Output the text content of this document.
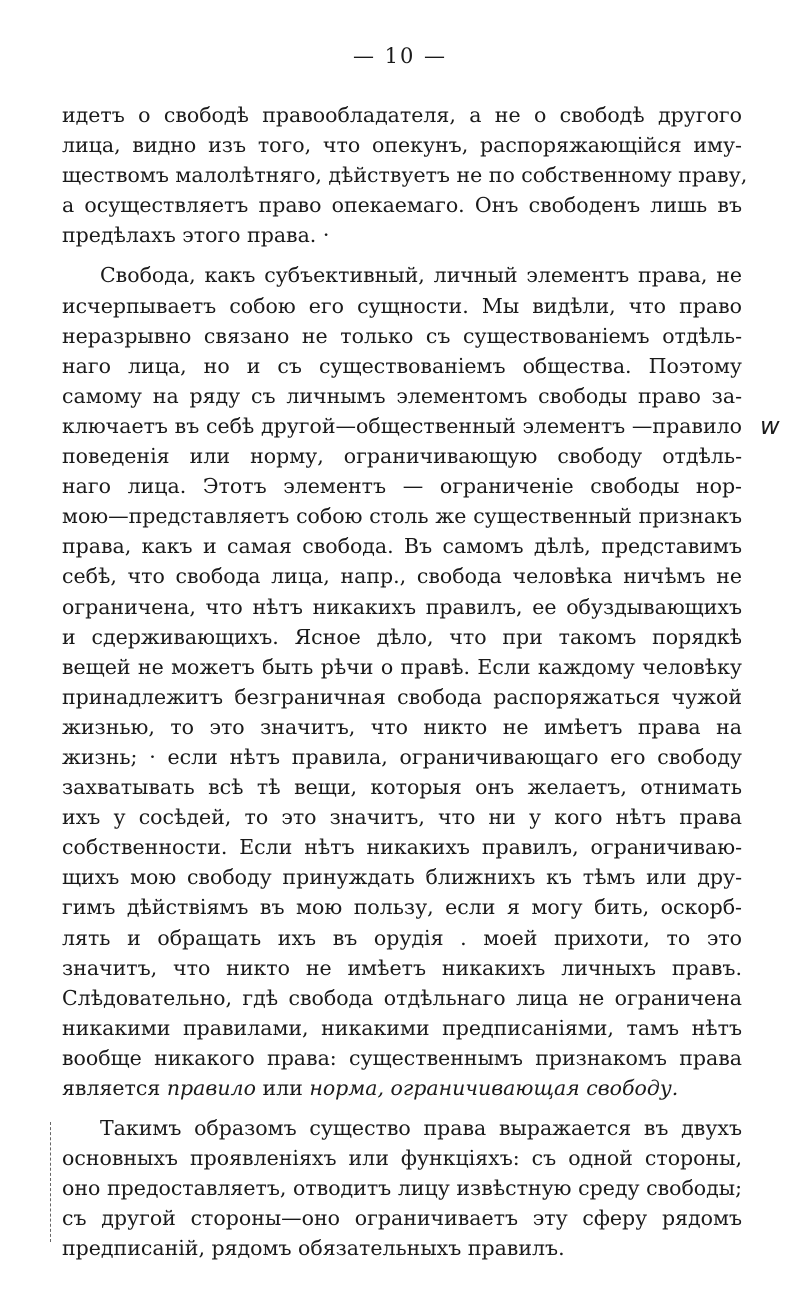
— 10 —

идетъ о свободѣ правообладателя, а не о свободѣ другого
лица, видно изъ того, что опекунъ, распоряжающійся иму-
ществомъ малолѣтняго, дѣйствуетъ не по собственному праву,
а осуществляетъ право опекаемаго. Онъ свободенъ лишь въ
предѣлахъ этого права. ·

Свобода, какъ субъективный, личный элементъ права, не
исчерпываетъ собою его сущности. Мы видѣли, что право
неразрывно связано не только съ существованіемъ отдѣль-
наго лица, но и съ существованіемъ общества. Поэтому
самому на ряду съ личнымъ элементомъ свободы право за-
ключаетъ въ себѣ другой—общественный элементъ —правило
поведенія или норму, ограничивающую свободу отдѣль-
наго лица. Этотъ элементъ — ограниченіе свободы нор-
мою—представляетъ собою столь же существенный признакъ
права, какъ и самая свобода. Въ самомъ дѣлѣ, представимъ
себѣ, что свобода лица, напр., свобода человѣка ничѣмъ не
ограничена, что нѣтъ никакихъ правилъ, ее обуздывающихъ
и сдерживающихъ. Ясное дѣло, что при такомъ порядкѣ
вещей не можетъ быть рѣчи о правѣ. Если каждому человѣку
принадлежитъ безграничная свобода распоряжаться чужой
жизнью, то это значитъ, что никто не имѣетъ права на
жизнь; · если нѣтъ правила, ограничивающаго его свободу
захватывать всѣ тѣ вещи, которыя онъ желаетъ, отнимать
ихъ у сосѣдей, то это значитъ, что ни у кого нѣтъ права
собственности. Если нѣтъ никакихъ правилъ, ограничиваю-
щихъ мою свободу принуждать ближнихъ къ тѣмъ или дру-
гимъ дѣйствіямъ въ мою пользу, если я могу бить, оскорб-
лять и обращать ихъ въ орудія . моей прихоти, то это
значитъ, что никто не имѣетъ никакихъ личныхъ правъ.
Слѣдовательно, гдѣ свобода отдѣльнаго лица не ограничена
никакими правилами, никакими предписаніями, тамъ нѣтъ
вообще никакого права: существеннымъ признакомъ права
является правило или норма, ограничивающая свободу.

Такимъ образомъ существо права выражается въ двухъ
основныхъ проявленіяхъ или функціяхъ: съ одной стороны,
оно предоставляетъ, отводитъ лицу извѣстную среду свободы;
съ другой стороны—оно ограничиваетъ эту сферу рядомъ
предписаній, рядомъ обязательныхъ правилъ.

w
